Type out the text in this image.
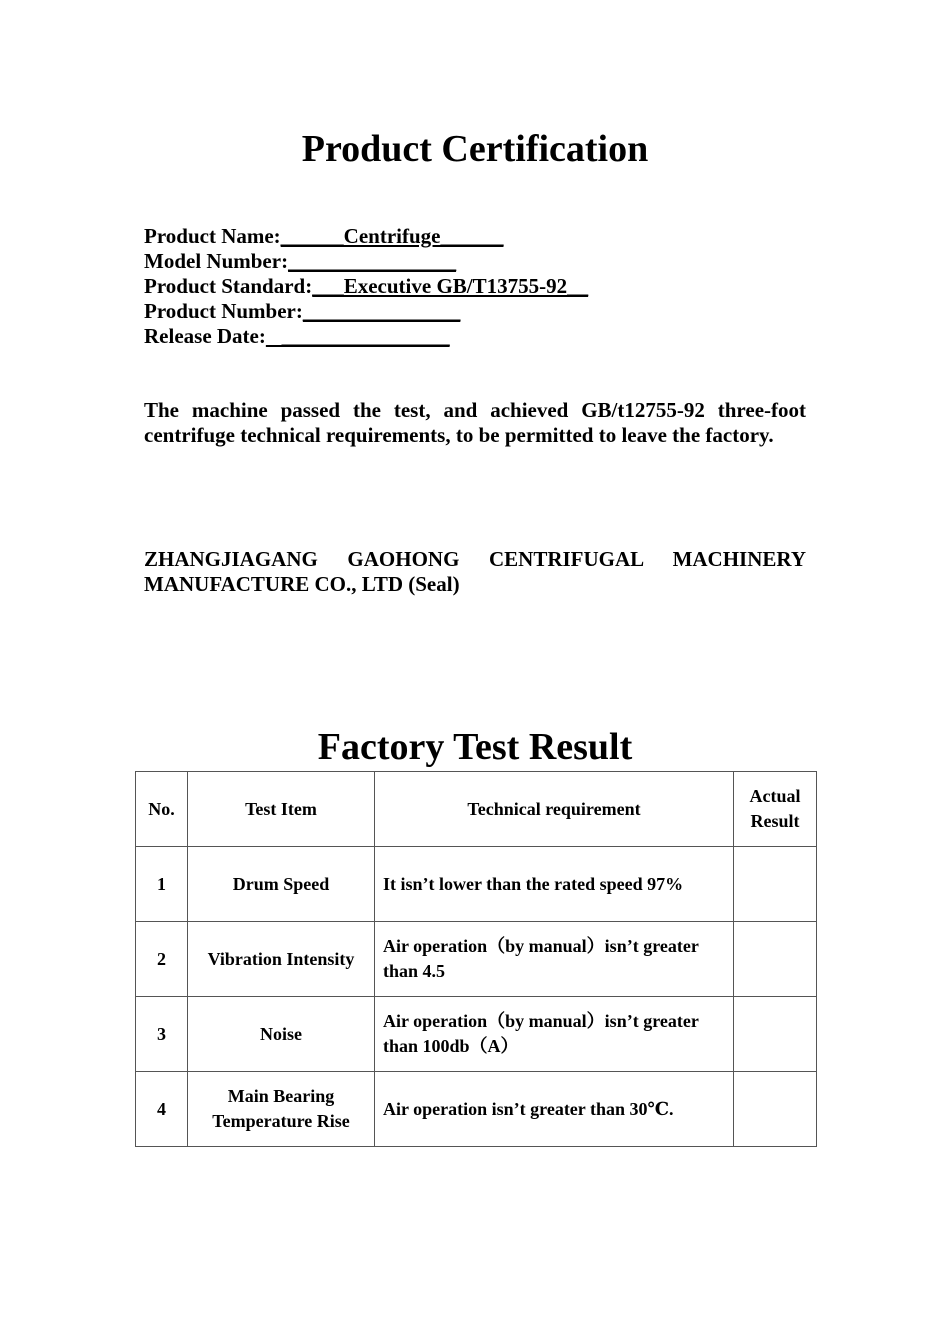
Product Certification
Product Name:______Centrifuge______
Model Number:________________
Product Standard:___Executive GB/T13755-92__
Product Number:_______________
Release Date:   ________________
The machine passed the test, and achieved GB/t12755-92 three-foot centrifuge technical requirements, to be permitted to leave the factory.
ZHANGJIAGANG GAOHONG CENTRIFUGAL MACHINERY MANUFACTURE CO., LTD (Seal)
Factory Test Result
No.	Test Item	Technical requirement	Actual Result
1	Drum Speed	It isn’t lower than the rated speed 97%	
2	Vibration Intensity	Air operation（by manual）isn’t greater than 4.5	
3	Noise	Air operation（by manual）isn’t greater than 100db（A）	
4	Main Bearing Temperature Rise	Air operation isn’t greater than 30℃.	
